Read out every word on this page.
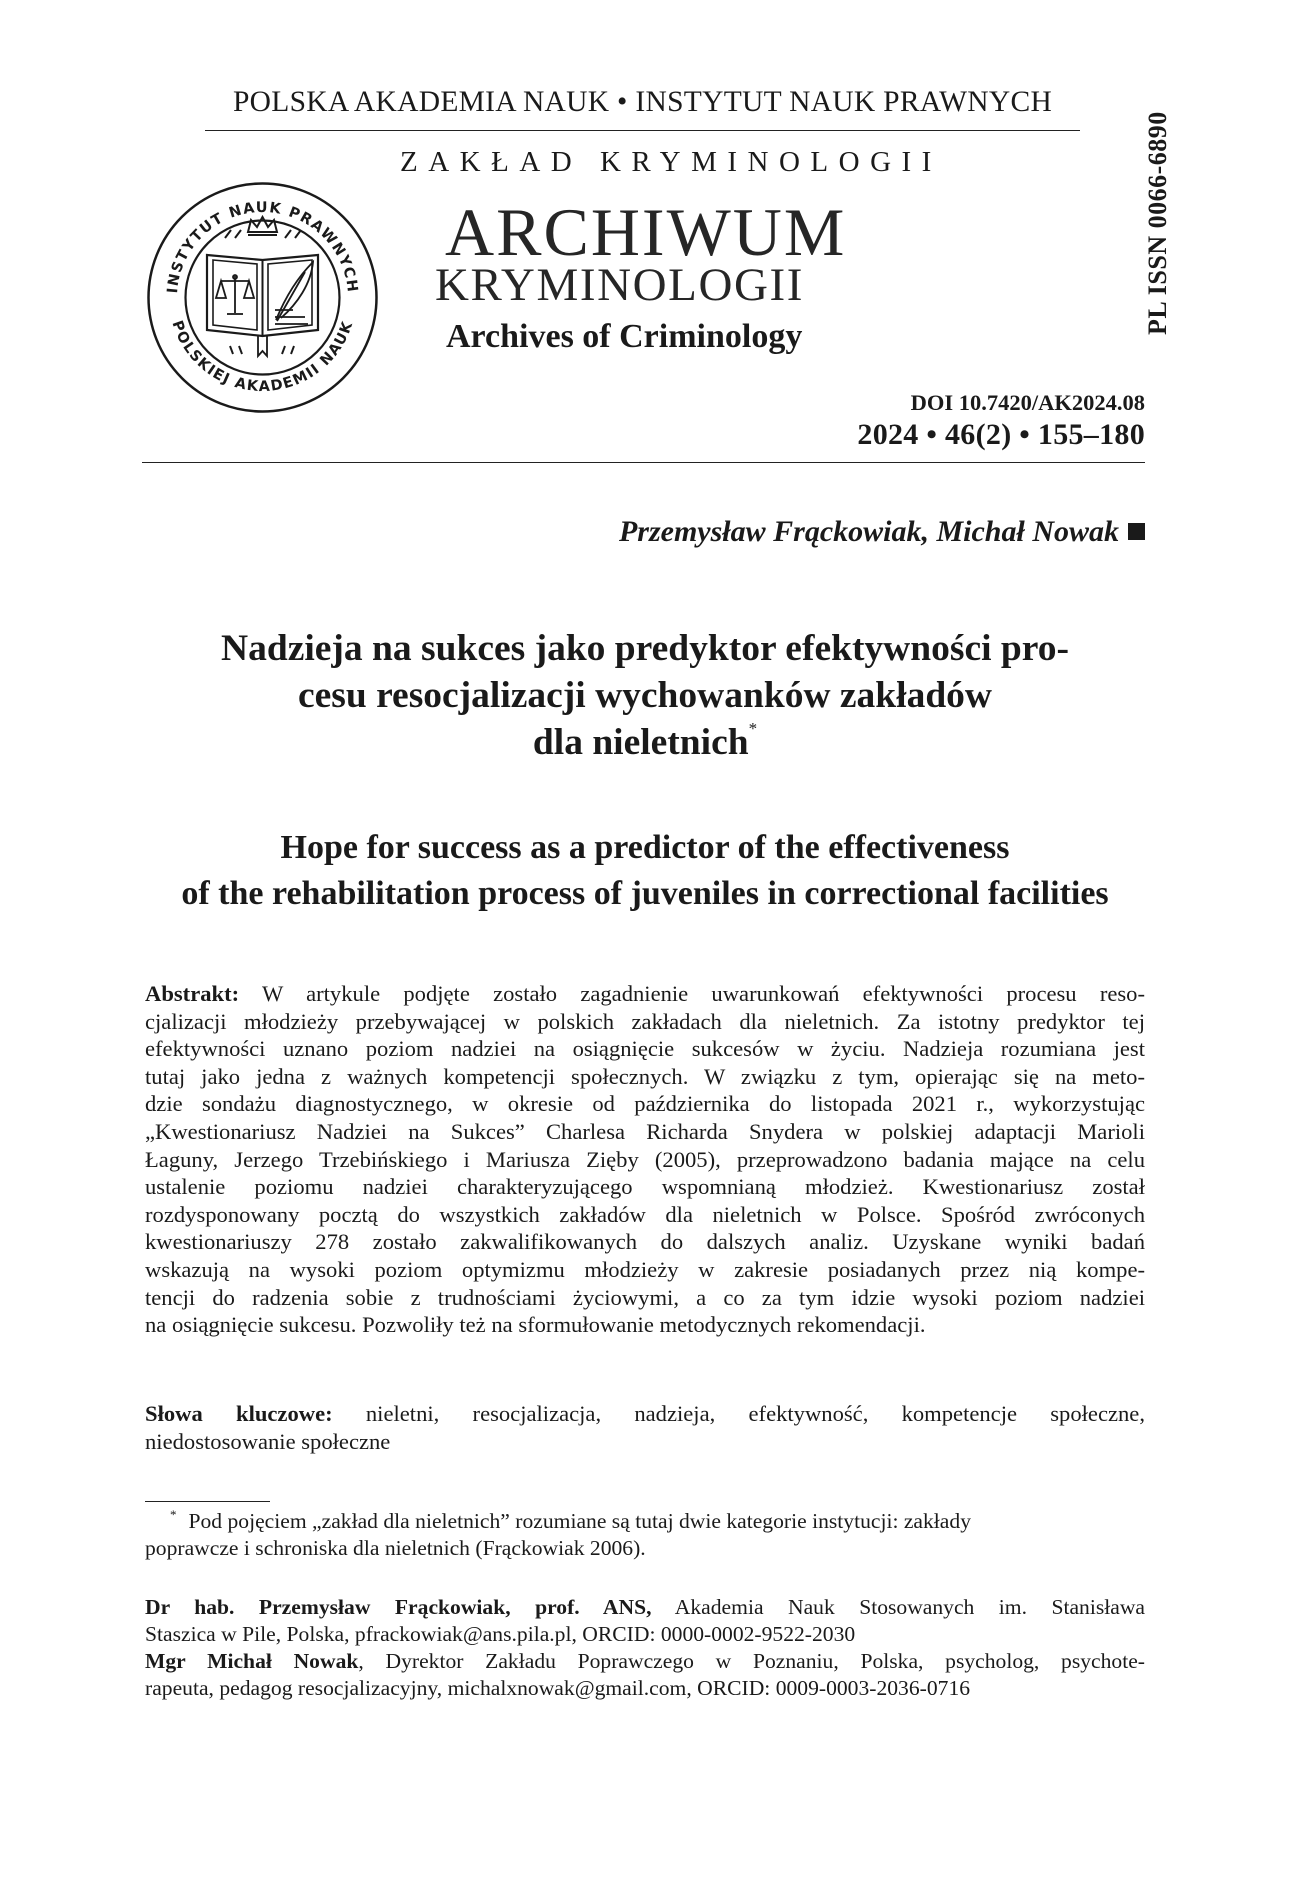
POLSKA AKADEMIA NAUK • INSTYTUT NAUK PRAWNYCH
ZAKŁAD KRYMINOLOGII	PL ISSN 0066-6890
INSTYTUT NAUK PRAWNYCH
POLSKIEJ AKADEMII NAUK
ARCHIWUM
KRYMINOLOGII
Archives of Criminology
DOI 10.7420/AK2024.08
2024 • 46(2) • 155–180
Przemysław Frąckowiak, Michał Nowak
Nadzieja na sukces jako predyktor efektywności pro-
cesu resocjalizacji wychowanków zakładów
dla nieletnich*
Hope for success as a predictor of the effectiveness
of the rehabilitation process of juveniles in correctional facilities
Abstrakt: W artykule podjęte zostało zagadnienie uwarunkowań efektywności procesu reso-
cjalizacji młodzieży przebywającej w polskich zakładach dla nieletnich. Za istotny predyktor tej
efektywności uznano poziom nadziei na osiągnięcie sukcesów w życiu. Nadzieja rozumiana jest
tutaj jako jedna z ważnych kompetencji społecznych. W związku z tym, opierając się na meto-
dzie sondażu diagnostycznego, w okresie od października do listopada 2021 r., wykorzystując
„Kwestionariusz Nadziei na Sukces” Charlesa Richarda Snydera w polskiej adaptacji Marioli
Łaguny, Jerzego Trzebińskiego i Mariusza Zięby (2005), przeprowadzono badania mające na celu
ustalenie poziomu nadziei charakteryzującego wspomnianą młodzież. Kwestionariusz został
rozdysponowany pocztą do wszystkich zakładów dla nieletnich w Polsce. Spośród zwróconych
kwestionariuszy 278 zostało zakwalifikowanych do dalszych analiz. Uzyskane wyniki badań
wskazują na wysoki poziom optymizmu młodzieży w zakresie posiadanych przez nią kompe-
tencji do radzenia sobie z trudnościami życiowymi, a co za tym idzie wysoki poziom nadziei
na osiągnięcie sukcesu. Pozwoliły też na sformułowanie metodycznych rekomendacji.
Słowa kluczowe: nieletni, resocjalizacja, nadzieja, efektywność, kompetencje społeczne,
niedostosowanie społeczne
* Pod pojęciem „zakład dla nieletnich” rozumiane są tutaj dwie kategorie instytucji: zakłady
poprawcze i schroniska dla nieletnich (Frąckowiak 2006).
Dr hab. Przemysław Frąckowiak, prof. ANS, Akademia Nauk Stosowanych im. Stanisława
Staszica w Pile, Polska, pfrackowiak@ans.pila.pl, ORCID: 0000-0002-9522-2030
Mgr Michał Nowak, Dyrektor Zakładu Poprawczego w Poznaniu, Polska, psycholog, psychote-
rapeuta, pedagog resocjalizacyjny, michalxnowak@gmail.com, ORCID: 0009-0003-2036-0716
